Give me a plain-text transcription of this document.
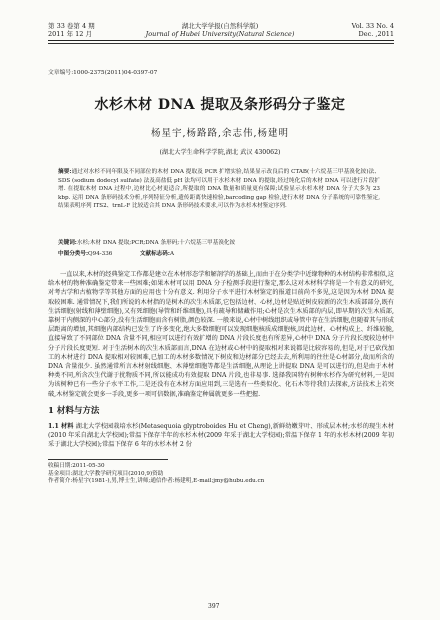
第 33 卷第 4 期
2011 年 12 月
湖北大学学报(自然科学版)
Journal of Hubei University(Natural Science)
Vol. 33 No. 4
Dec. ,2011
文章编号:1000-2375(2011)04-0397-07
水杉木材 DNA 提取及条形码分子鉴定
杨星宇,杨路路,余志伟,杨建明
(湖北大学生命科学学院,湖北 武汉 430062)
摘要:通过对水杉不同年限及不同部位的木材 DNA 提取及 PCR 扩增实验,结果显示改良后的 CTAB(十六烷基三甲基溴化铵)法、SDS (sodium dodecyl sulfate) 法及高盐低 pH 法均可以用于水杉木材 DNA 的提取,经过纯化后的木材 DNA 可以进行片段扩增. 在提取木材 DNA 过程中,边材比心材更适合,所提取的 DNA 数量和质量更有保障;试验显示水杉木材 DNA 分子大多为 23 kbp. 运用 DNA 条形码技术分析,序列特征分析,遗传距离快速检验,barcoding gap 检验,进行木材 DNA 分子系统的可靠性鉴定,结果表明序列 ITS2、trnL-F 比较适合其 DNA 条形码技术要求,可以作为水杉木材鉴定序列.
关键词:水杉;木材 DNA 提取;PCR;DNA 条形码;十六烷基三甲基溴化铵
中图分类号:Q94-336	文献标志码:A
一直以来,木材的经典鉴定工作都是建立在木材形态学和解剖学的基础上,而由于在分类学中近缘物种的木材结构非常相似,这给木材的物种准确鉴定带来一些困难;如果木材可以用 DNA 分子检测手段进行鉴定,那么这对木材科学将是一个有意义的研究,对考古学和古植物学等其他方面的应用也十分有意义. 利用分子水平进行木材鉴定的报道目前尚不多见,这是因为木材 DNA 提取较困难. 通常情况下,我们所说的木材指的是树木的次生木质部,它包括边材、心材,边材是贴近树皮较新的次生木质部部分,既有生活细胞(射线和薄壁细胞),又有死细胞(导管和纤维细胞),具有疏导和储藏作用;心材是次生木质部的内层,即早期的次生木质部,靠树干内侧深的中心部分,没有生活细胞而含有树脂,颜色较深. 一般来说,心材中树线组织或导管中存在生活细胞,但随着其与形成层距离的增加,其细胞内部结构已发生了许多变化,绝大多数细胞可以发现细胞核质成细胞核,因此边材、心材构成上、纤维较脆,直接导致了不同部位 DNA 含量不同,相应可以进行有效扩增的 DNA 片段长度也有所差异,心材中 DNA 分子片段长度较边材中分子片段长度更短. 对于生活树木的次生木质部而言,DNA 在边材或心材中的提取相对来说都是比较容易的,但是,对于已砍伐加工的木材进行 DNA 提取相对较困难,已加工的木材多数情况下树皮和边材部分已经去去,所利用的往往是心材部分,故而所含的 DNA 含量很少. 虽然通常所言木材射线细胞、木薄壁细胞等都是生活细胞,从理论上讲提取 DNA 是可以进行的,但是由于木材种类不同,所含次生代谢于扰物质不同,所以能成功有效提取 DNA 片段,也非易事. 选择我国特有树种水杉作为研究材料,一是因为该树种已有一些分子水平工作,二是还没有在木材方面应用到,三是选有一些类似化、化石木等待我们去探索,方法技术上若突破,木材鉴定就会更多一手段,更多一项可信数据,准确鉴定种属就更多一些把握.
1 材料与方法
1.1 材料 湖北大学校园栽培水杉(Metasequoia glyptroboides Hu et Cheng),新鲜幼嫩芽叶、形成层木材;水杉的现生木材(2010 年采自湖北大学校园);常温下保存半年的水杉木材(2009 年采于湖北大学校园);常温下保存 1 年的水杉木材(2009 年初采于湖北大学校园);常温下保存 6 年的水杉木材 2 份
收稿日期:2011-05-30
基金项目:湖北大学教学研究项目(2010,9)资助
作者简介:杨星宇(1981-),男,博士生,讲师;通信作者:杨建明,E-mail:jmy@hubu.edu.cn
397
